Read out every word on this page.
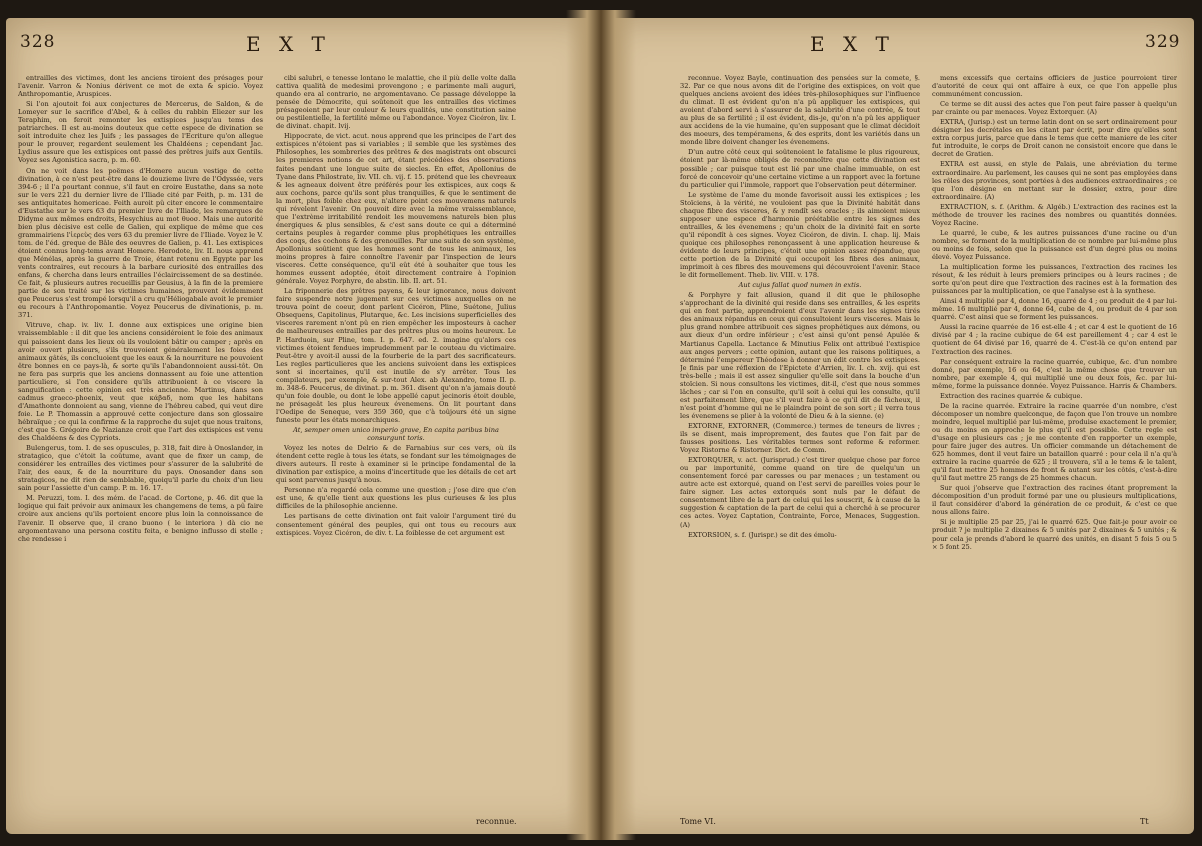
328	E X T

entrailles des victimes, dont les anciens tiroient des présages pour l'avenir. Varron & Nonius dérivent ce mot de exta & spicio. Voyez Anthropomantie, Aruspices.

Si l'on ajoutoit foi aux conjectures de Mercerus, de Saldon, & de Lomeyer sur le sacrifice d'Abel, & à celles du rabbin Eliezer sur les Teraphim, on feroit remonter les extispices jusqu'au tems des patriarches. Il est au-moins douteux que cette espece de divination se soit introduite chez les Juifs ; les passages de l'Ecriture qu'on allegue pour le prouver, regardent seulement les Chaldéens ; cependant Jac. Lydius assure que les extispices ont passé des prêtres juifs aux Gentils. Voyez ses Agonistica sacra, p. m. 60.

On ne voit dans les poëmes d'Homere aucun vestige de cette divination, à ce n'est peut-être dans le douzieme livre de l'Odyssée, vers 394-6 ; il l'a pourtant connue, s'il faut en croire Eustathe, dans sa note sur le vers 221 du dernier livre de l'Iliade cité par Feith, p. m. 131 de ses antiquitates homericae. Feith auroit pû citer encore le commentaire d'Eustathe sur le vers 63 du premier livre de l'Iliade, les remarques de Didyme aux mêmes endroits, Hesychius au mot θυοσ. Mais une autorité bien plus décisive est celle de Galien, qui explique de même que ces grammairiens l'ἱερεὺς des vers 63 du premier livre de l'Iliade. Voyez le V. tom. de l'éd. greque de Bâle des oeuvres de Galien, p. 41. Les extispices étoient connus long-tems avant Homere. Herodote, liv. II. nous apprend que Ménélas, après la guerre de Troie, étant retenu en Egypte par les vents contraires, eut recours à la barbare curiosité des entrailles des enfans, & chercha dans leurs entrailles l'éclaircissement de sa destinée. Ce fait, & plusieurs autres recueillis par Geusius, à la fin de la premiere partie de son traité sur les victimes humaines, prouvent évidemment que Peucerus s'est trompé lorsqu'il a cru qu'Héliogabale avoit le premier eu recours à l'Anthropomantie. Voyez Peucerus de divinationis, p. m. 371.

Vitruve, chap. iv. liv. I. donne aux extispices une origine bien vraissemblable : il dit que les anciens considéroient le foie des animaux qui paissoient dans les lieux où ils vouloient bâtir ou camper ; après en avoir ouvert plusieurs, s'ils trouvoient généralement les foies des animaux gâtés, ils concluoient que les eaux & la nourriture ne pouvoient être bonnes en ce pays-là, & sorte qu'ils l'abandonnoient aussi-tôt. On ne fera pas surpris que les anciens donnassent au foie une attention particuliere, si l'on considere qu'ils attribuoient à ce viscere la sanguification : cette opinion est très ancienne. Martinus, dans son cadmus graeco-phoenix, veut que κάβαδ, nom que les habitans d'Amathonte donnoient au sang, vienne de l'hébreu cabed, qui veut dire foie. Le P. Thomassin a approuvé cette conjecture dans son glossaire hébraïque ; ce qui la confirme & la rapproche du sujet que nous traitons, c'est que S. Grégoire de Nazianze croit que l'art des extispices est venu des Chaldéens & des Cypriots.

Bulengerus, tom. I. de ses opuscules, p. 318, fait dire à Onoslander, in stratagico, que c'étoit la coûtume, avant que de fixer un camp, de considérer les entrailles des victimes pour s'assurer de la salubrité de l'air, des eaux, & de la nourriture du pays. Onosander dans son stratagicos, ne dit rien de semblable, quoiqu'il parle du choix d'un lieu sain pour l'assiette d'un camp. P. m. 16. 17.

M. Peruzzi, tom. I. des mém. de l'acad. de Cortone, p. 46. dit que la logique qui fait prévoir aux animaux les changemens de tems, a pû faire croire aux anciens qu'ils portoient encore plus loin la connoissance de l'avenir. Il observe que, il crano buono ( le interiora ) dà cio ne argomentavano una persona costitu feita, e benigno influsso di stelle ; che rendesse i

cibi salubri, e tenesse lontano le malattie, che il più delle volte dalla cattiva qualità de medesimi provengono ; e parimente mali auguri, quando era al contrario, ne argomentavano. Ce passage développe la pensée de Démocrite, qui soûtenoit que les entrailles des victimes présageoient par leur couleur & leurs qualités, une constitution saine ou pestilentielle, la fertilité même ou l'abondance. Voyez Cicéron, liv. I. de divinat. chapit. lvij.

Hippocrate, de vict. acut. nous apprend que les principes de l'art des extispices n'étoient pas si variables ; il semble que les systèmes des Philosophes, les sombreries des prêtres & des magistrats ont obscurci les premieres notions de cet art, étant précédées des observations faites pendant une longue suite de siecles. En effet, Apollonius de Tyane dans Philostrate, liv. VII. ch. vij. f. 15. prétend que les chevreaux & les agneaux doivent être préférés pour les extispices, aux coqs & aux cochons, parce qu'ils sont plus tranquilles, & que le sentiment de la mort, plus foible chez eux, n'altere point ces mouvemens naturels qui révelent l'avenir. On pouvoit dire avec la même vraissemblance, que l'extrème irritabilité rendoit les mouvemens naturels bien plus énergiques & plus sensibles, & c'est sans doute ce qui a déterminé certains peuples à regarder comme plus prophétiques les entrailles des coqs, des cochons & des grenouilles. Par une suite de son système, Apollonius soûtient que les hommes sont de tous les animaux, les moins propres à faire connoître l'avenir par l'inspection de leurs visceres. Cette conséquence, qu'il eût été à souhaiter que tous les hommes eussent adoptée, étoit directement contraire à l'opinion générale. Voyez Porphyre, de abstin. lib. II. art. 51.

La friponnerie des prêtres payens, & leur ignorance, nous doivent faire suspendre notre jugement sur ces victimes auxquelles on ne trouva point de coeur, dont parlent Cicéron, Pline, Suétone, Julius Obsequens, Capitolinus, Plutarque, &c. Les incisions superficielles des visceres rarement n'ont pû en rien empêcher les imposteurs à cacher de malheureuses entrailles par des prêtres plus ou moins heureux. Le P. Harduoin, sur Pline, tom. I. p. 647. ed. 2. imagine qu'alors ces victimes étoient fendues imprudemment par le couteau du victimaire. Peut-être y avoit-il aussi de la fourberie de la part des sacrificateurs. Les regles particulieres que les anciens suivoient dans les extispices sont si incertaines, qu'il est inutile de s'y arrêter. Tous les compilateurs, par exemple, & sur-tout Alex. ab Alexandro, tome II. p. m. 348-6. Peucerus, de divinat. p. m. 361. disent qu'on n'a jamais douté qu'un foie double, ou dont le lobe appellé caput jecinoris étoit double, ne présageât les plus heureux évenemens. On lit pourtant dans l'Oedipe de Seneque, vers 359 360, que c'à toûjours été un signe funeste pour les états monarchiques.

At, semper omen unico imperio grave, En capita paribus bina consurgunt toris.

Voyez les notes de Delrio & de Farnabius sur ces vers, où ils étendent cette regle à tous les états, se fondant sur les témoignages de divers auteurs. Il reste à examiner si le principe fondamental de la divination par extispice, a moins d'incertitude que les détails de cet art qui sont parvenus jusqu'à nous.

Personne n'a regardé cela comme une question ; j'ose dire que c'en est une, & qu'elle tient aux questions les plus curieuses & les plus difficiles de la philosophie ancienne.

Les partisans de cette divination ont fait valoir l'argument tiré du consentement général des peuples, qui ont tous eu recours aux extispices. Voyez Cicéron, de div. t. La foiblesse de cet argument est

reconnue.
E X T	329

reconnue. Voyez Bayle, continuation des pensées sur la comete, §. 32. Par ce que nous avons dit de l'origine des extispices, on voit que quelques anciens avoient des idées très-philosophiques sur l'influence du climat. Il est évident qu'on n'a pû appliquer les extispices, qui avoient d'abord servi à s'assurer de la salubrité d'une contrée, & tout au plus de sa fertilité ; il est évident, dis-je, qu'on n'a pû les appliquer aux accidens de la vie humaine, qu'en supposant que le climat décidoit des moeurs, des tempéramens, & des esprits, dont les variétés dans un monde libre doivent changer les évenemens.

D'un autre côté ceux qui soûtenoient le fatalisme le plus rigoureux, étoient par là-même obligés de reconnoître que cette divination est possible ; car puisque tout est lié par une chaîne immuable, on est forcé de concevoir qu'une certaine victime a un rapport avec la fortune du particulier qui l'immole, rapport que l'observation peut déterminer.

Le système de l'ame du monde favorisoit aussi les extispices ; les Stoïciens, à la vérité, ne vouloient pas que la Divinité habitât dans chaque fibre des visceres, & y rendît ses oracles ; ils aimoient mieux supposer une espece d'harmonie préétablie entre les signes des entrailles, & les évenemens ; qu'un choix de la divinité fait en sorte qu'il répondît à ces signes. Voyez Cicéron, de divin. I. chap. lij. Mais quoique ces philosophes renonçassent à une application heureuse & évidente de leurs principes, c'étoit une opinion assez répandue, que cette portion de la Divinité qui occupoit les fibres des animaux, imprimoit à ces fibres des mouvemens qui découvroient l'avenir. Stace le dit formellement. Theb. liv. VIII. v. 178.

Aut cujus fallat quod numen in extis.

& Porphyre y fait allusion, quand il dit que le philosophe s'approchant de la divinité qui reside dans ses entrailles, & les esprits qui en font partie, apprendroient d'eux l'avenir dans les signes tirés des animaux répandus en ceux qui consultoient leurs visceres. Mais le plus grand nombre attribuoit ces signes prophétiques aux démons, ou aux dieux d'un ordre inférieur ; c'est ainsi qu'ont pensé Apulée & Martianus Capella. Lactance & Minutius Felix ont attribué l'extispice aux anges pervers ; cette opinion, autant que les raisons politiques, a déterminé l'empereur Théodose à donner un édit contre les extispices. Je finis par une réflexion de l'Epictete d'Arrien, liv. I. ch. xvij. qui est très-belle ; mais il est assez singulier qu'elle soit dans la bouche d'un stoïcien. Si nous consultons les victimes, dit-il, c'est que nous sommes lâches ; car si l'on en consulte, qu'il soit à celui qui les consulte, qu'il est parfaitement libre, que s'il veut faire à ce qu'il dit de fâcheux, il n'est point d'homme qui ne le plaindra point de son sort ; il verra tous les évenemens se plier à la volonté de Dieu & à la sienne. (e)

EXTORNE, EXTORNER, (Commerce.) termes de teneurs de livres ; ils se disent, mais improprement, des fautes que l'on fait par de fausses positions. Les véritables termes sont reforme & reformer. Voyez Ristorne & Ristorner. Dict. de Comm.

EXTORQUER, v. act. (Jurisprud.) c'est tirer quelque chose par force ou par importunité, comme quand on tire de quelqu'un un consentement forcé par caresses ou par menaces ; un testament ou autre acte est extorqué, quand on l'est servi de pareilles voies pour le faire signer. Les actes extorqués sont nuls par le défaut de consentement libre de la part de celui qui les souscrit, & à cause de la suggestion & captation de la part de celui qui a cherché à se procurer ces actes. Voyez Captation, Contrainte, Force, Menaces, Suggestion. (A)

EXTORSION, s. f. (Jurispr.) se dit des émolu-

mens excessifs que certains officiers de justice pourroient tirer d'autorité de ceux qui ont affaire à eux, ce que l'on appelle plus communément concussion.

Ce terme se dit aussi des actes que l'on peut faire passer à quelqu'un par crainte ou par menaces. Voyez Extorquer. (A)

EXTRA, (Jurisp.) est un terme latin dont on se sert ordinairement pour désigner les decrétales en les citant par écrit, pour dire qu'elles sont extra corpus juris, parce que dans le tems que cette maniere de les citer fut introduite, le corps de Droit canon ne consistoit encore que dans le decret de Gratien.

EXTRA est aussi, en style de Palais, une abréviation du terme extraordinaire. Au parlement, les causes qui ne sont pas employées dans les rôles des provinces, sont portées à des audiences extraordinaires ; ce que l'on désigne en mettant sur le dossier, extra, pour dire extraordinaire. (A)

EXTRACTION, s. f. (Arithm. & Algéb.) L'extraction des racines est la méthode de trouver les racines des nombres ou quantités données. Voyez Racine.

Le quarré, le cube, & les autres puissances d'une racine ou d'un nombre, se forment de la multiplication de ce nombre par lui-même plus ou moins de fois, selon que la puissance est d'un degré plus ou moins élevé. Voyez Puissance.

La multiplication forme les puissances, l'extraction des racines les résout, & les réduit à leurs premiers principes ou à leurs racines ; de sorte qu'on peut dire que l'extraction des racines est à la formation des puissances par la multiplication, ce que l'analyse est à la synthese.

Ainsi 4 multiplié par 4, donne 16, quarré de 4 ; ou produit de 4 par lui-même. 16 multiplié par 4, donne 64, cube de 4, ou produit de 4 par son quarré. C'est ainsi que se forment les puissances.

Aussi la racine quarrée de 16 est-elle 4 ; et car 4 est le quotient de 16 divisé par 4 ; la racine cubique de 64 est pareillement 4 ; car 4 est le quotient de 64 divisé par 16, quarré de 4. C'est-là ce qu'on entend par l'extraction des racines.

Par conséquent extraire la racine quarrée, cubique, &c. d'un nombre donné, par exemple, 16 ou 64, c'est la même chose que trouver un nombre, par exemple 4, qui multiplié une ou deux fois, &c. par lui-même, forme la puissance donnée. Voyez Puissance. Harris & Chambers.

Extraction des racines quarrée & cubique.

De la racine quarrée. Extraire la racine quarrée d'un nombre, c'est décomposer un nombre quelconque, de façon que l'on trouve un nombre moindre, lequel multiplié par lui-même, produise exactement le premier, ou du moins en approche le plus qu'il est possible. Cette regle est d'usage en plusieurs cas ; je me contente d'en rapporter un exemple, pour faire juger des autres. Un officier commande un détachement de 625 hommes, dont il veut faire un bataillon quarré : pour cela il n'a qu'à extraire la racine quarrée de 625 ; il trouvera, s'il a le tems & le talent, qu'il faut mettre 25 hommes de front & autant sur les côtés, c'est-à-dire qu'il faut mettre 25 rangs de 25 hommes chacun.

Sur quoi j'observe que l'extraction des racines étant proprement la décomposition d'un produit formé par une ou plusieurs multiplications, il faut considérer d'abord la génération de ce produit, & c'est ce que nous allons faire.

Si je multiplie 25 par 25, j'ai le quarré 625. Que fait-je pour avoir ce produit ? je multiplie 2 dixaines & 5 unités par 2 dixaines & 5 unités ; & pour cela je prends d'abord le quarré des unités, en disant 5 fois 5 ou 5 × 5 font 25.

Tome VI.	Tt
